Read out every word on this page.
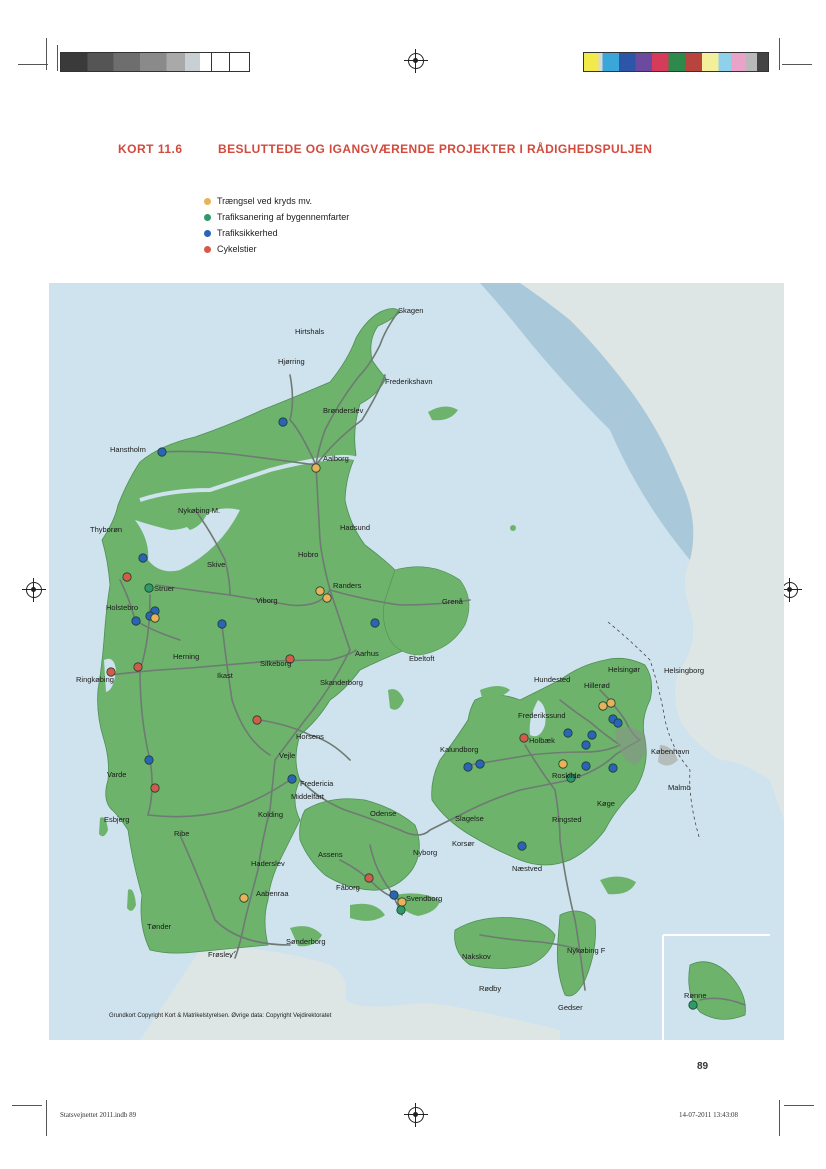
KORT 11.6	BESLUTTEDE OG IGANGVÆRENDE PROJEKTER I RÅDIGHEDSPULJEN
Trængsel ved kryds mv.
Trafiksanering af bygennemfarter
Trafiksikkerhed
Cykelstier
Skagen
Hirtshals
Hjørring
Frederikshavn
Brønderslev
Hanstholm
Aalborg
Nykøbing M.
Thyborøn	Hadsund
Hobro
Skive
Struer	Randers
Holstebro
Viborg	Grenå
Herning
Silkeborg
Aarhus
Ebeltoft
Ringkøbing	Ikast
Skanderborg
Horsens
Vejle
Varde
Fredericia
Middelfart
Esbjerg
Kolding	Odense
Ribe
Assens	Nyborg
Haderslev
Fåborg
Aabenraa
Svendborg
Tønder
Sønderborg
Frøslev
Hundested
Helsingør	Helsingborg
Hillerød
Frederikssund
Holbæk
Kalundborg	København
Roskilde
Malmö
Køge
Slagelse	Ringsted
Korsør
Næstved
Nakskov
Nykøbing F
Rødby
Gedser
Rønne
Grundkort Copyright Kort & Matrikelstyrelsen. Øvrige data: Copyright Vejdirektoratet
89
Statsvejnettet 2011.indb 89	14-07-2011 13:43:08
